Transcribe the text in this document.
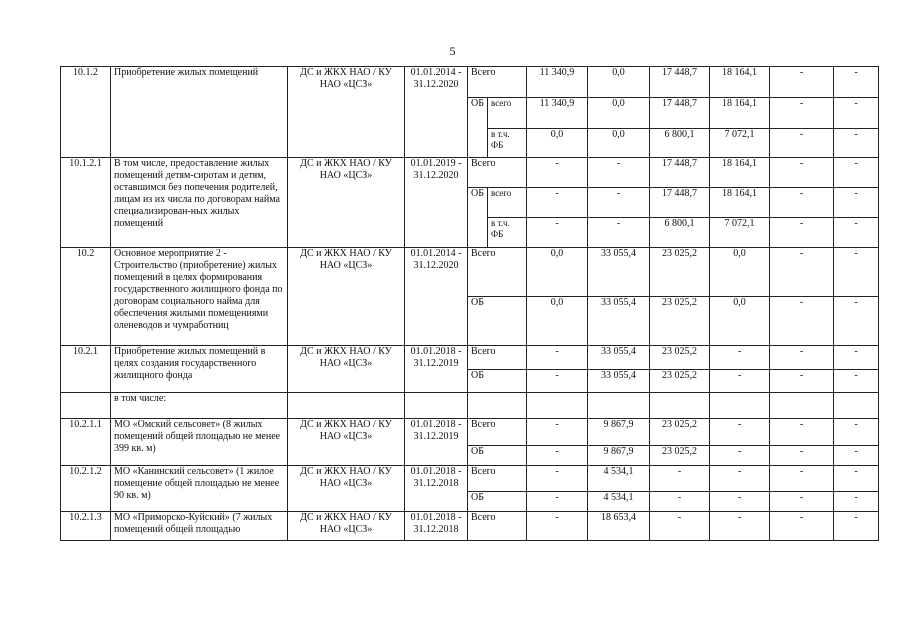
5
10.1.2	Приобретение жилых помещений	ДС и ЖКХ НАО / КУ НАО «ЦСЗ»	01.01.2014 - 31.12.2020	Всего		11 340,9	0,0	17 448,7	18 164,1	-	-
				ОБ	всего	11 340,9	0,0	17 448,7	18 164,1	-	-
					в т.ч. ФБ	0,0	0,0	6 800,1	7 072,1	-	-
10.1.2.1	В том числе, предоставление жилых помещений детям-сиротам и детям, оставшимся без попечения родителей, лицам из их числа по договорам найма специализирован-ных жилых помещений	ДС и ЖКХ НАО / КУ НАО «ЦСЗ»	01.01.2019 - 31.12.2020	Всего		-	-	17 448,7	18 164,1	-	-
				ОБ	всего	-	-	17 448,7	18 164,1	-	-
					в т.ч. ФБ	-	-	6 800,1	7 072,1	-	-
10.2	Основное мероприятие 2 - Строительство (приобретение) жилых помещений в целях формирования государственного жилищного фонда по договорам социального найма для обеспечения жилыми помещениями оленеводов и чумработниц	ДС и ЖКХ НАО / КУ НАО «ЦСЗ»	01.01.2014 - 31.12.2020	Всего		0,0	33 055,4	23 025,2	0,0	-	-
				ОБ		0,0	33 055,4	23 025,2	0,0	-	-
10.2.1	Приобретение жилых помещений в целях создания государственного жилищного фонда	ДС и ЖКХ НАО / КУ НАО «ЦСЗ»	01.01.2018 - 31.12.2019	Всего		-	33 055,4	23 025,2	-	-	-
				ОБ		-	33 055,4	23 025,2	-	-	-
	в том числе:										
10.2.1.1	МО «Омский сельсовет» (8 жилых помещений общей площадью не менее 399 кв. м)	ДС и ЖКХ НАО / КУ НАО «ЦСЗ»	01.01.2018 - 31.12.2019	Всего		-	9 867,9	23 025,2	-	-	-
				ОБ		-	9 867,9	23 025,2	-	-	-
10.2.1.2	МО «Канинский сельсовет» (1 жилое помещение общей площадью не менее 90 кв. м)	ДС и ЖКХ НАО / КУ НАО «ЦСЗ»	01.01.2018 - 31.12.2018	Всего		-	4 534,1	-	-	-	-
				ОБ		-	4 534,1	-	-	-	-
10.2.1.3	МО «Приморско-Куйский» (7 жилых помещений общей площадью	ДС и ЖКХ НАО / КУ НАО «ЦСЗ»	01.01.2018 - 31.12.2018	Всего		-	18 653,4	-	-	-	-
